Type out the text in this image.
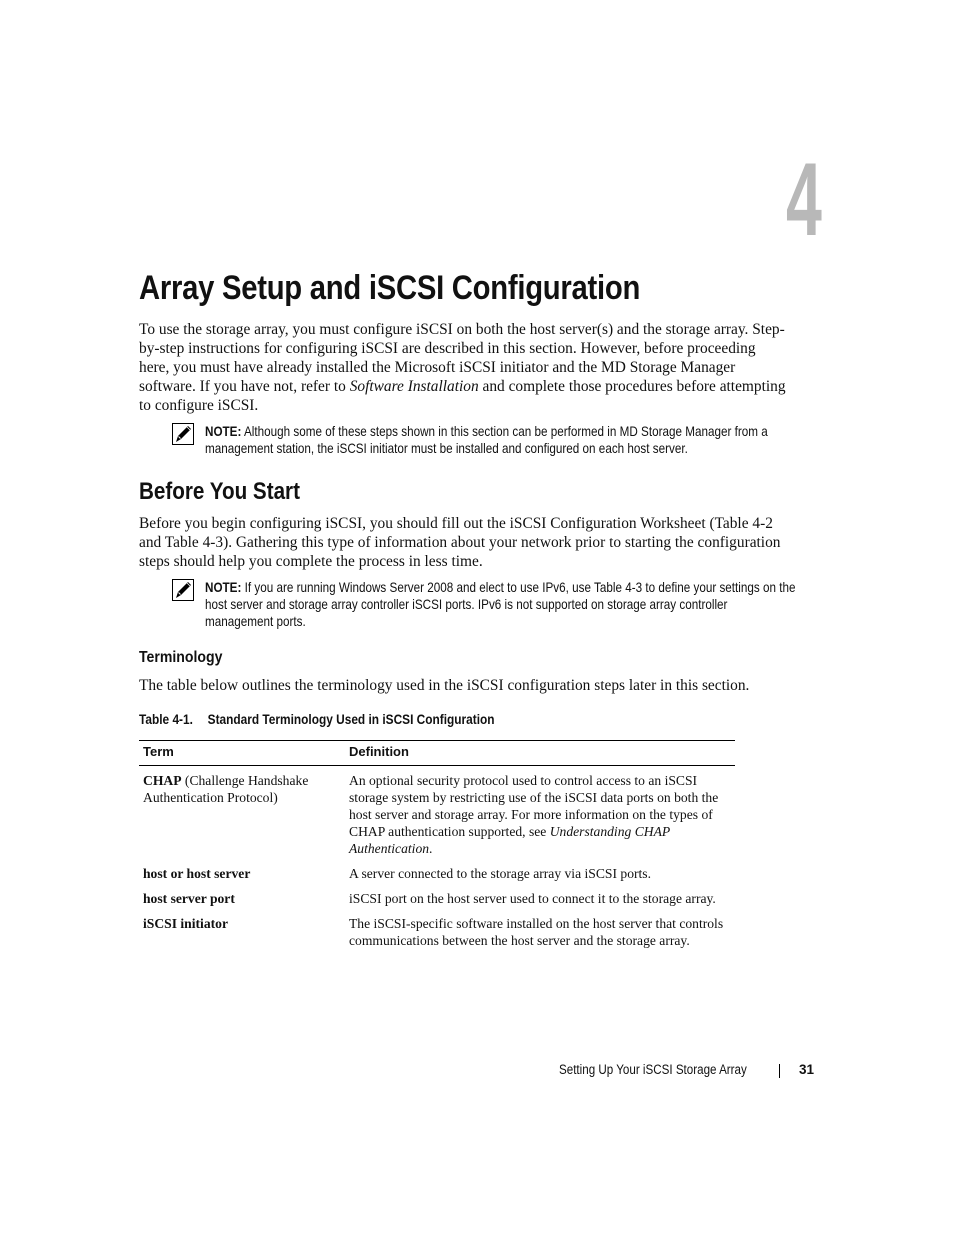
4
Array Setup and iSCSI Configuration
To use the storage array, you must configure iSCSI on both the host server(s) and the storage array. Step-by-step instructions for configuring iSCSI are described in this section. However, before proceeding here, you must have already installed the Microsoft iSCSI initiator and the MD Storage Manager software. If you have not, refer to Software Installation and complete those procedures before attempting to configure iSCSI.
NOTE: Although some of these steps shown in this section can be performed in MD Storage Manager from a management station, the iSCSI initiator must be installed and configured on each host server.
Before You Start
Before you begin configuring iSCSI, you should fill out the iSCSI Configuration Worksheet (Table 4-2 and Table 4-3). Gathering this type of information about your network prior to starting the configuration steps should help you complete the process in less time.
NOTE: If you are running Windows Server 2008 and elect to use IPv6, use Table 4-3 to define your settings on the host server and storage array controller iSCSI ports. IPv6 is not supported on storage array controller management ports.
Terminology
The table below outlines the terminology used in the iSCSI configuration steps later in this section.
Table 4-1. Standard Terminology Used in iSCSI Configuration
Term	Definition
CHAP (Challenge Handshake Authentication Protocol)	An optional security protocol used to control access to an iSCSI storage system by restricting use of the iSCSI data ports on both the host server and storage array. For more information on the types of CHAP authentication supported, see Understanding CHAP Authentication.
host or host server	A server connected to the storage array via iSCSI ports.
host server port	iSCSI port on the host server used to connect it to the storage array.
iSCSI initiator	The iSCSI-specific software installed on the host server that controls communications between the host server and the storage array.
Setting Up Your iSCSI Storage Array	31
